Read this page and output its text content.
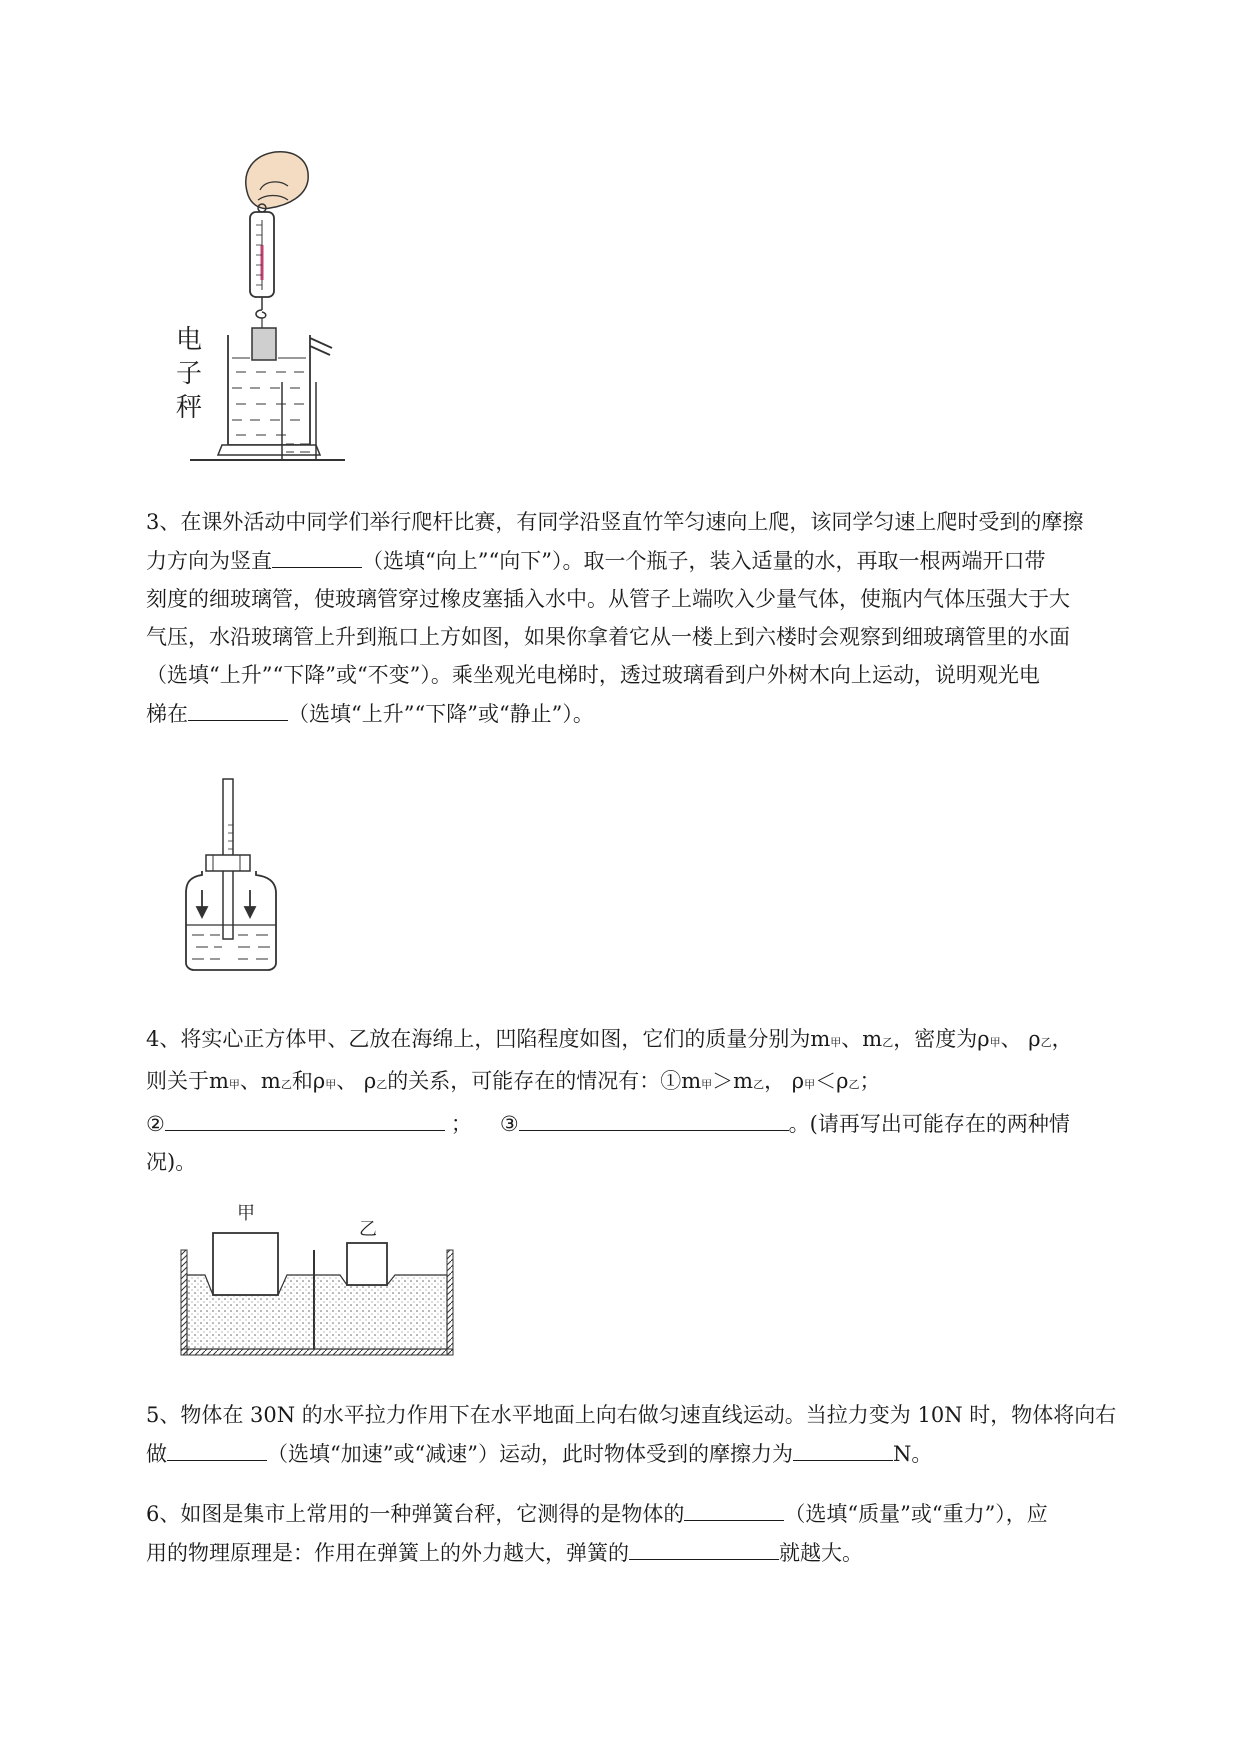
电
子
秤
3、在课外活动中同学们举行爬杆比赛，有同学沿竖直竹竿匀速向上爬，该同学匀速上爬时受到的摩擦
力方向为竖直	（选填“向上”“向下”）。取一个瓶子，装入适量的水，再取一根两端开口带
刻度的细玻璃管，使玻璃管穿过橡皮塞插入水中。从管子上端吹入少量气体，使瓶内气体压强大于大
气压，水沿玻璃管上升到瓶口上方如图，如果你拿着它从一楼上到六楼时会观察到细玻璃管里的水面
（选填“上升”“下降”或“不变”）。乘坐观光电梯时，透过玻璃看到户外树木向上运动，说明观光电
梯在	（选填“上升”“下降”或“静止”）。
4、将实心正方体甲、乙放在海绵上，凹陷程度如图，它们的质量分别为m甲、m乙，密度为ρ甲、 ρ乙，
则关于m甲、m乙和ρ甲、 ρ乙的关系，可能存在的情况有：①m甲＞m乙， ρ甲＜ρ乙；
②	； ③	。(请再写出可能存在的两种情
况)。
甲
乙
5、物体在 30N 的水平拉力作用下在水平地面上向右做匀速直线运动。当拉力变为 10N 时，物体将向右
做	（选填“加速”或“减速”）运动，此时物体受到的摩擦力为	N。
6、如图是集市上常用的一种弹簧台秤，它测得的是物体的	（选填“质量”或“重力”），应
用的物理原理是：作用在弹簧上的外力越大，弹簧的	就越大。
